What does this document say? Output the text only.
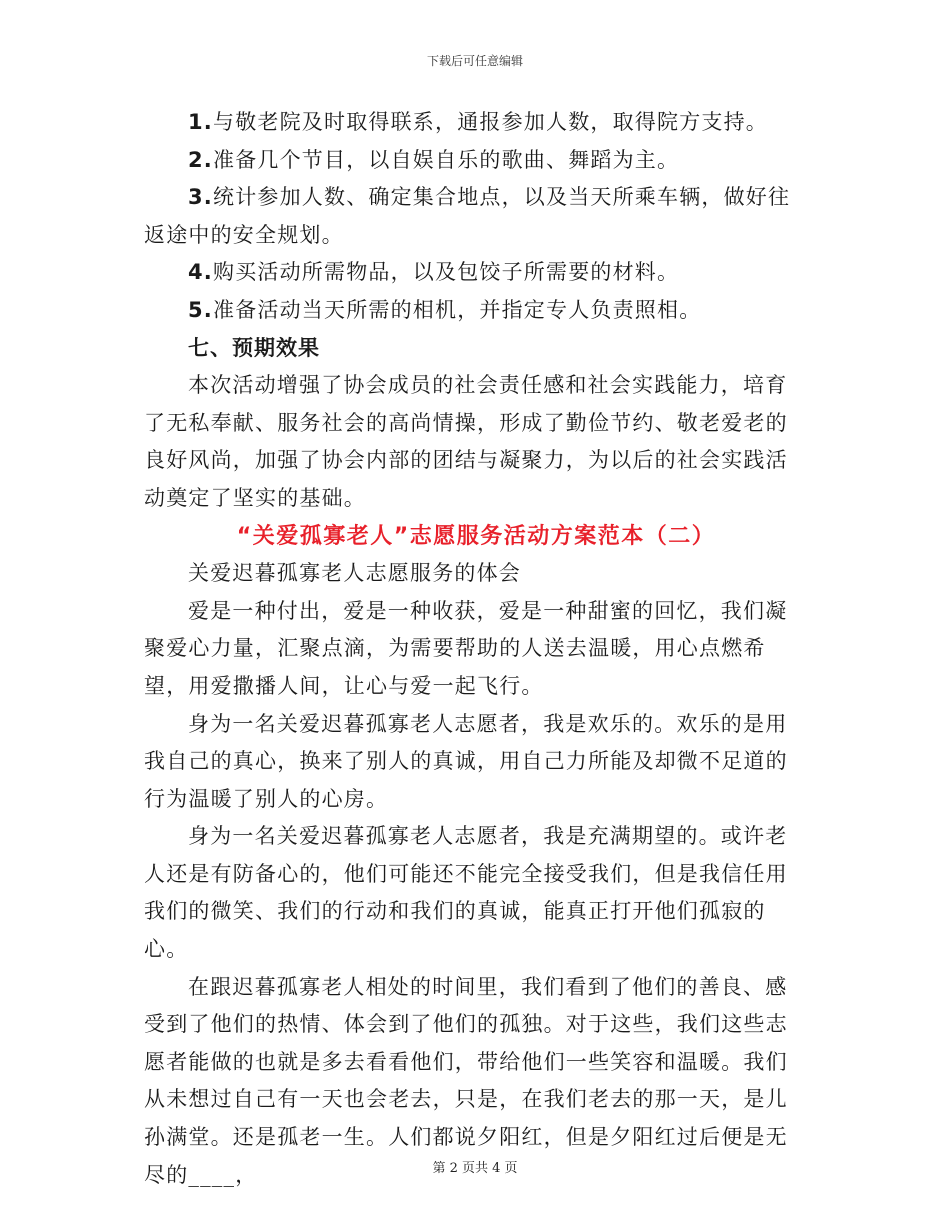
下载后可任意编辑

1.与敬老院及时取得联系，通报参加人数，取得院方支持。

2.准备几个节目，以自娱自乐的歌曲、舞蹈为主。

3.统计参加人数、确定集合地点，以及当天所乘车辆，做好往返途中的安全规划。

4.购买活动所需物品，以及包饺子所需要的材料。

5.准备活动当天所需的相机，并指定专人负责照相。

七、预期效果

本次活动增强了协会成员的社会责任感和社会实践能力，培育了无私奉献、服务社会的高尚情操，形成了勤俭节约、敬老爱老的良好风尚，加强了协会内部的团结与凝聚力，为以后的社会实践活动奠定了坚实的基础。

“关爱孤寡老人”志愿服务活动方案范本（二）

关爱迟暮孤寡老人志愿服务的体会

爱是一种付出，爱是一种收获，爱是一种甜蜜的回忆，我们凝聚爱心力量，汇聚点滴，为需要帮助的人送去温暖，用心点燃希望，用爱撒播人间，让心与爱一起飞行。

身为一名关爱迟暮孤寡老人志愿者，我是欢乐的。欢乐的是用我自己的真心，换来了别人的真诚，用自己力所能及却微不足道的行为温暖了别人的心房。

身为一名关爱迟暮孤寡老人志愿者，我是充满期望的。或许老人还是有防备心的，他们可能还不能完全接受我们，但是我信任用我们的微笑、我们的行动和我们的真诚，能真正打开他们孤寂的心。

在跟迟暮孤寡老人相处的时间里，我们看到了他们的善良、感受到了他们的热情、体会到了他们的孤独。对于这些，我们这些志愿者能做的也就是多去看看他们，带给他们一些笑容和温暖。我们从未想过自己有一天也会老去，只是，在我们老去的那一天，是儿孙满堂。还是孤老一生。人们都说夕阳红，但是夕阳红过后便是无尽的____，	第 2 页共 4 页
